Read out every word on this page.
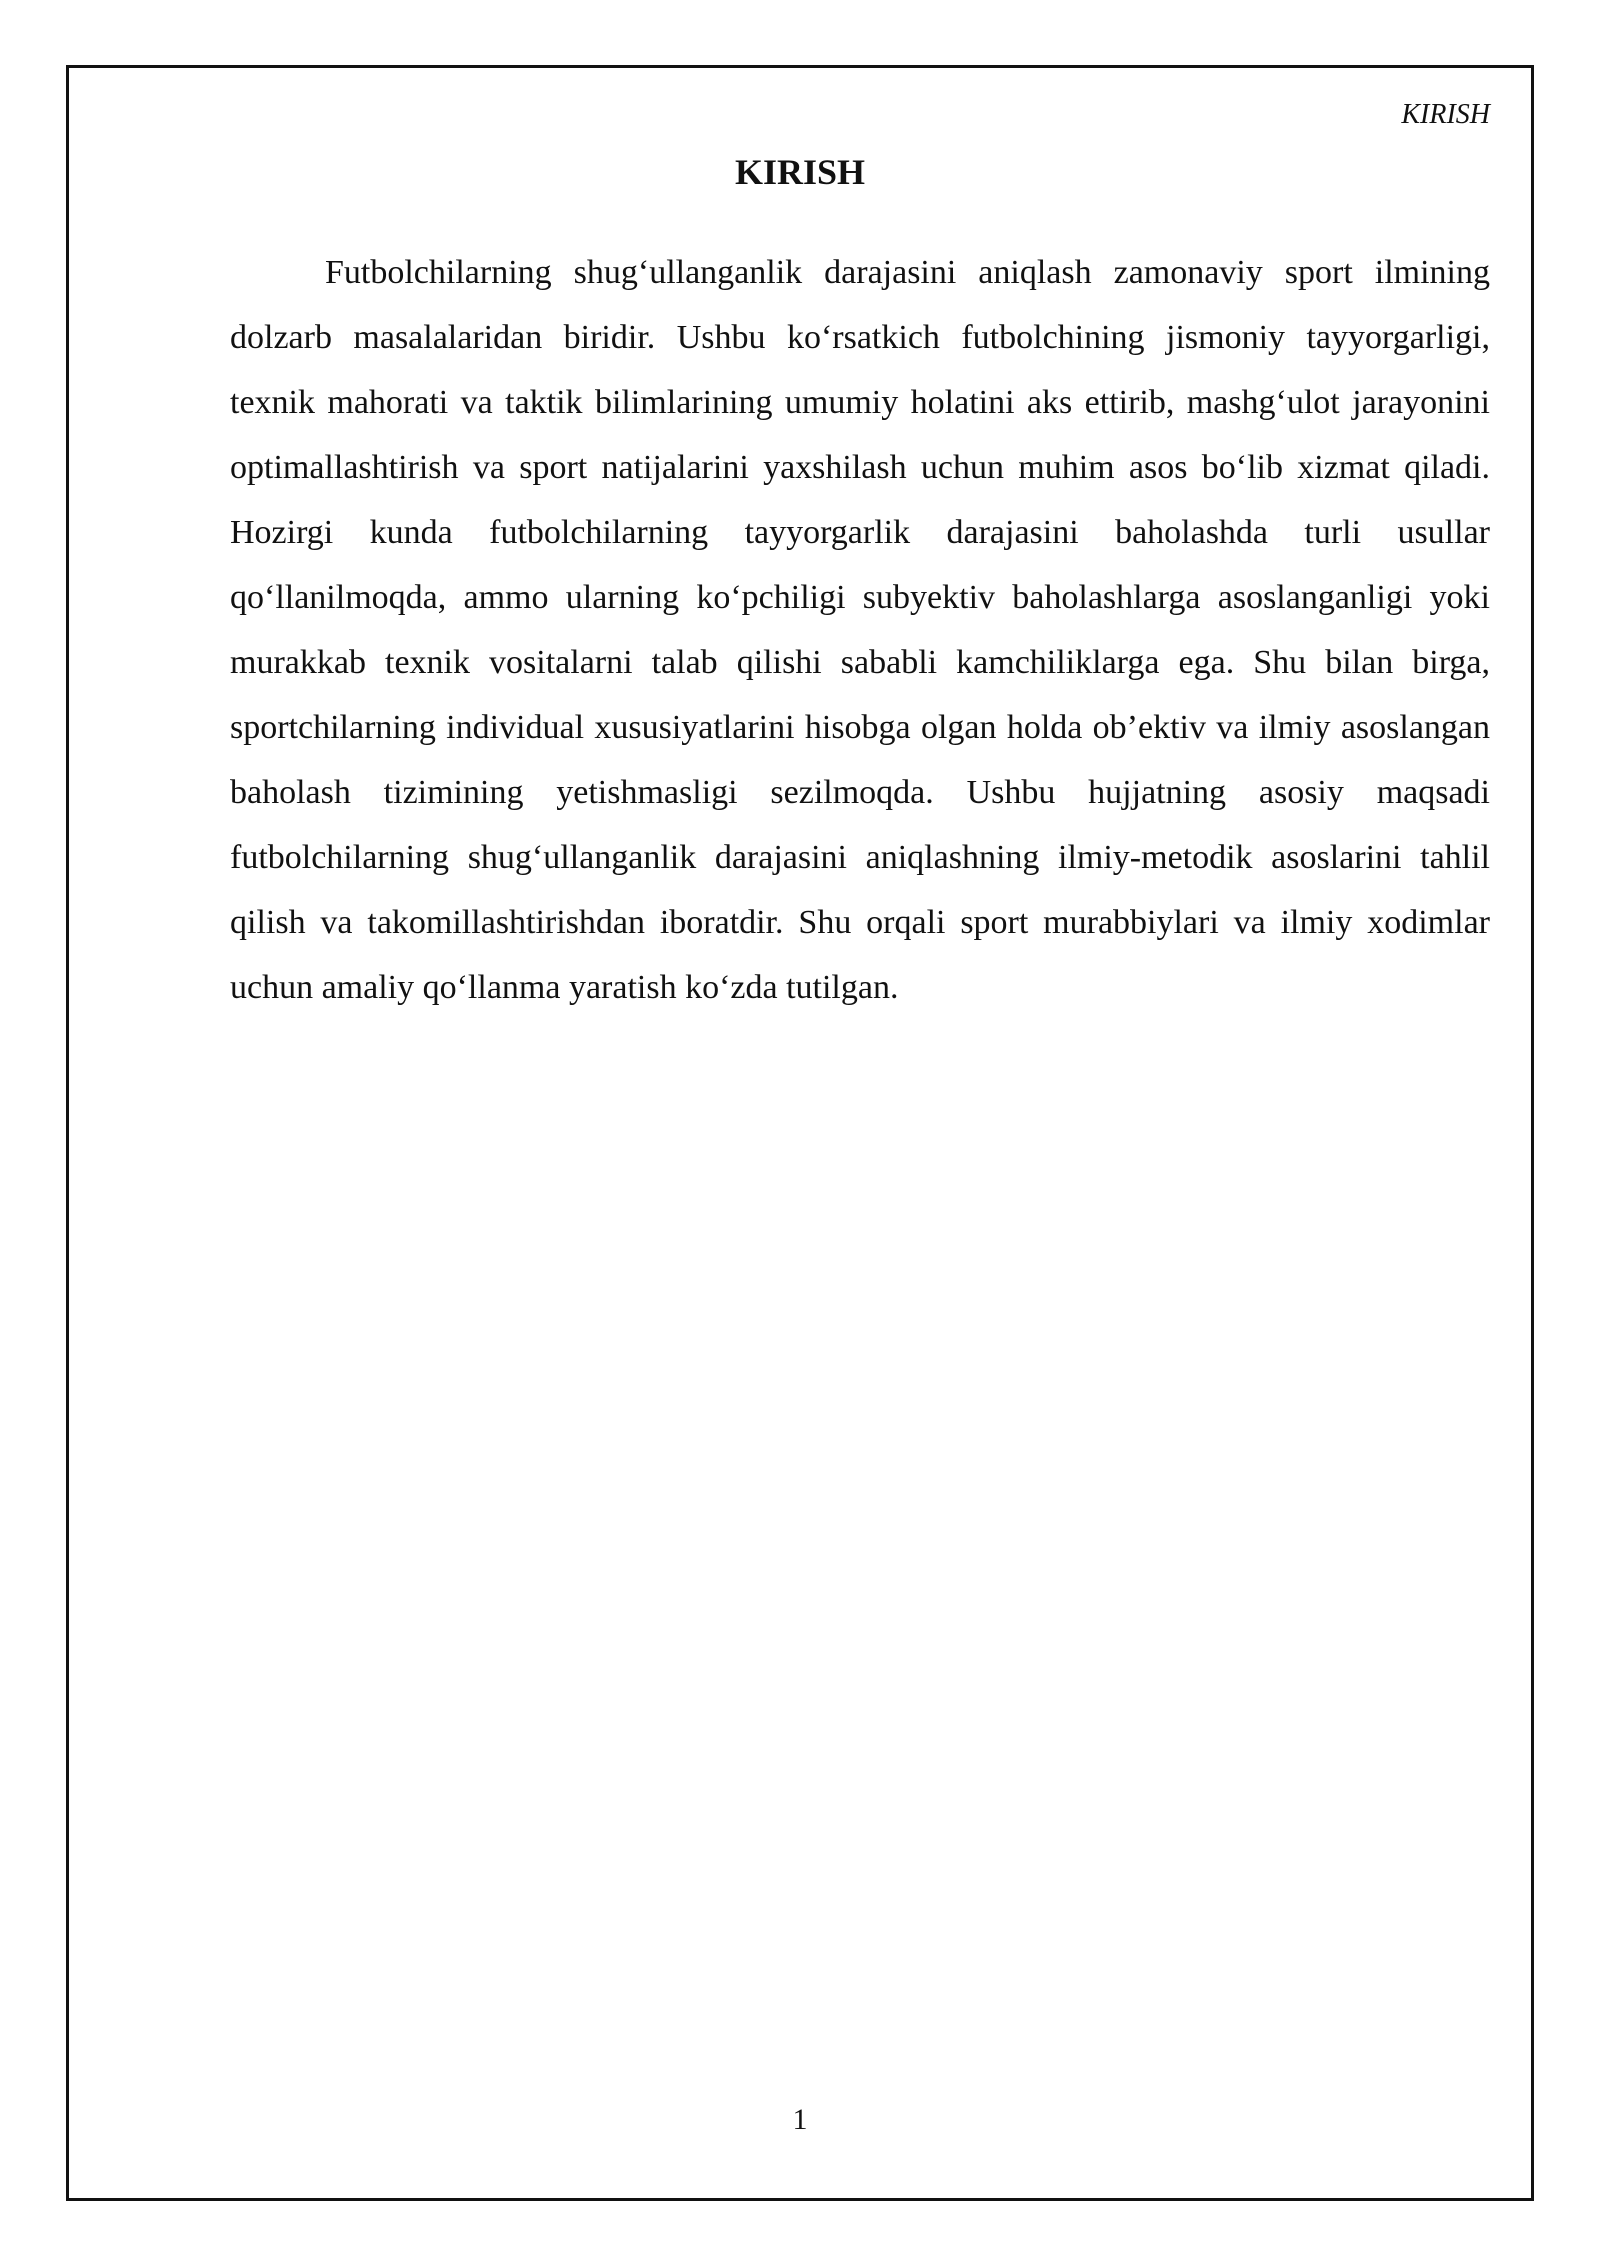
KIRISH
KIRISH

Futbolchilarning shug‘ullanganlik darajasini aniqlash zamonaviy sport ilmining dolzarb masalalaridan biridir. Ushbu ko‘rsatkich futbolchining jismoniy tayyorgarligi, texnik mahorati va taktik bilimlarining umumiy holatini aks ettirib, mashg‘ulot jarayonini optimallashtirish va sport natijalarini yaxshilash uchun muhim asos bo‘lib xizmat qiladi. Hozirgi kunda futbolchilarning tayyorgarlik darajasini baholashda turli usullar qo‘llanilmoqda, ammo ularning ko‘pchiligi subyektiv baholashlarga asoslanganligi yoki murakkab texnik vositalarni talab qilishi sababli kamchiliklarga ega. Shu bilan birga, sportchilarning individual xususiyatlarini hisobga olgan holda ob’ektiv va ilmiy asoslangan baholash tizimining yetishmasligi sezilmoqda. Ushbu hujjatning asosiy maqsadi futbolchilarning shug‘ullanganlik darajasini aniqlashning ilmiy-metodik asoslarini tahlil qilish va takomillashtirishdan iboratdir. Shu orqali sport murabbiylari va ilmiy xodimlar uchun amaliy qo‘llanma yaratish ko‘zda tutilgan.

1
